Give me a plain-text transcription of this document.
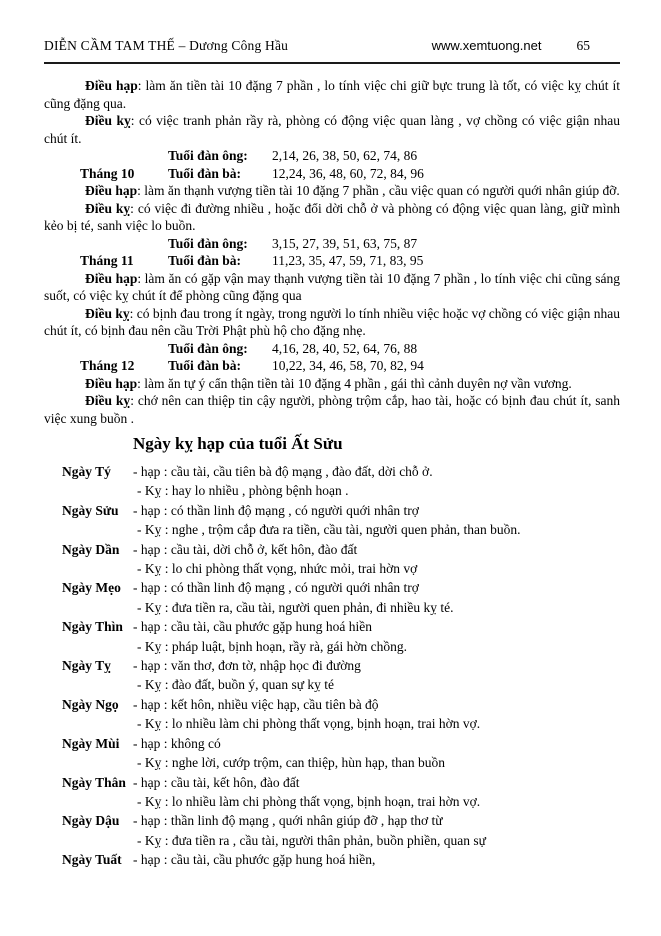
DIỄN CẦM TAM THẾ – Dương Công Hầu	www.xemtuong.net	65

Điều hạp: làm ăn tiền tài 10 đặng 7 phần , lo tính việc chi giữ bực trung là tốt, có việc kỵ chút ít cũng đặng qua.

Điều kỵ: có việc tranh phản rầy rà, phòng có động việc quan làng , vợ chồng có việc giận nhau chút ít.

Tuổi đàn ông:	2,14, 26, 38, 50, 62, 74, 86
Tháng 10	Tuổi đàn bà:	12,24, 36, 48, 60, 72, 84, 96

Điều hạp: làm ăn thạnh vượng tiền tài 10 đặng 7 phần , cầu việc quan có người quới nhân giúp đỡ.

Điều kỵ: có việc đi đường nhiều , hoặc đổi dời chỗ ở và phòng có động việc quan làng, giữ mình kẻo bị té, sanh việc lo buồn.

Tuổi đàn ông:	3,15, 27, 39, 51, 63, 75, 87
Tháng 11	Tuổi đàn bà:	11,23, 35, 47, 59, 71, 83, 95

Điều hạp: làm ăn có gặp vận may thạnh vượng tiền tài 10 đặng 7 phần , lo tính việc chi cũng sáng suốt, có việc kỵ chút ít để phòng cũng đặng qua

Điều kỵ: có bịnh đau trong ít ngày, trong người lo tính nhiều việc hoặc vợ chồng có việc giận nhau chút ít, có bịnh đau nên cầu Trời Phật phù hộ cho đặng nhẹ.

Tuổi đàn ông:	4,16, 28, 40, 52, 64, 76, 88
Tháng 12	Tuổi đàn bà:	10,22, 34, 46, 58, 70, 82, 94

Điều hạp: làm ăn tự ý cẩn thận tiền tài 10 đặng 4 phần , gái thì cảnh duyên nợ vần vương.

Điều kỵ: chớ nên can thiệp tin cậy người, phòng trộm cắp, hao tài, hoặc có bịnh đau chút ít, sanh việc xung buồn .

Ngày kỵ hạp của tuổi Ất Sửu
Ngày Tý	- hạp : cầu tài, cầu tiên bà độ mạng , đào đất, dời chỗ ở.
- Kỵ : hay lo nhiều , phòng bệnh hoạn .
Ngày Sửu	- hạp : có thần linh độ mạng , có người quới nhân trợ
- Kỵ : nghe , trộm cắp đưa ra tiền, cầu tài, người quen phản, than buồn.
Ngày Dần	- hạp : cầu tài, dời chỗ ở, kết hôn, đào đất
- Kỵ : lo chi phòng thất vọng, nhức mỏi, trai hờn vợ
Ngày Mẹo - hạp : có thần linh độ mạng , có người quới nhân trợ
- Kỵ : đưa tiền ra, cầu tài, người quen phản, đi nhiều kỵ té.
Ngày Thìn - hạp : cầu tài, cầu phước gặp hung hoá hiền
- Kỵ : pháp luật, bịnh hoạn, rầy rà, gái hờn chồng.
Ngày Tỵ	- hạp : văn thơ, đơn tờ, nhập học đi đường
- Kỵ : đào đất, buồn ý, quan sự kỵ té
Ngày Ngọ	- hạp : kết hôn, nhiều việc hạp, cầu tiên bà độ
- Kỵ : lo nhiều làm chi phòng thất vọng, bịnh hoạn, trai hờn vợ.
Ngày Mùi	- hạp : không có
- Kỵ : nghe lời, cướp trộm, can thiệp, hùn hạp, than buồn
Ngày Thân - hạp : cầu tài, kết hôn, đào đất
- Kỵ : lo nhiều làm chi phòng thất vọng, bịnh hoạn, trai hờn vợ.
Ngày Dậu	- hạp : thần linh độ mạng , quới nhân giúp đỡ , hạp thơ từ
- Kỵ : đưa tiền ra , cầu tài, người thân phản, buồn phiền, quan sự
Ngày Tuất - hạp : cầu tài, cầu phước gặp hung hoá hiền,
